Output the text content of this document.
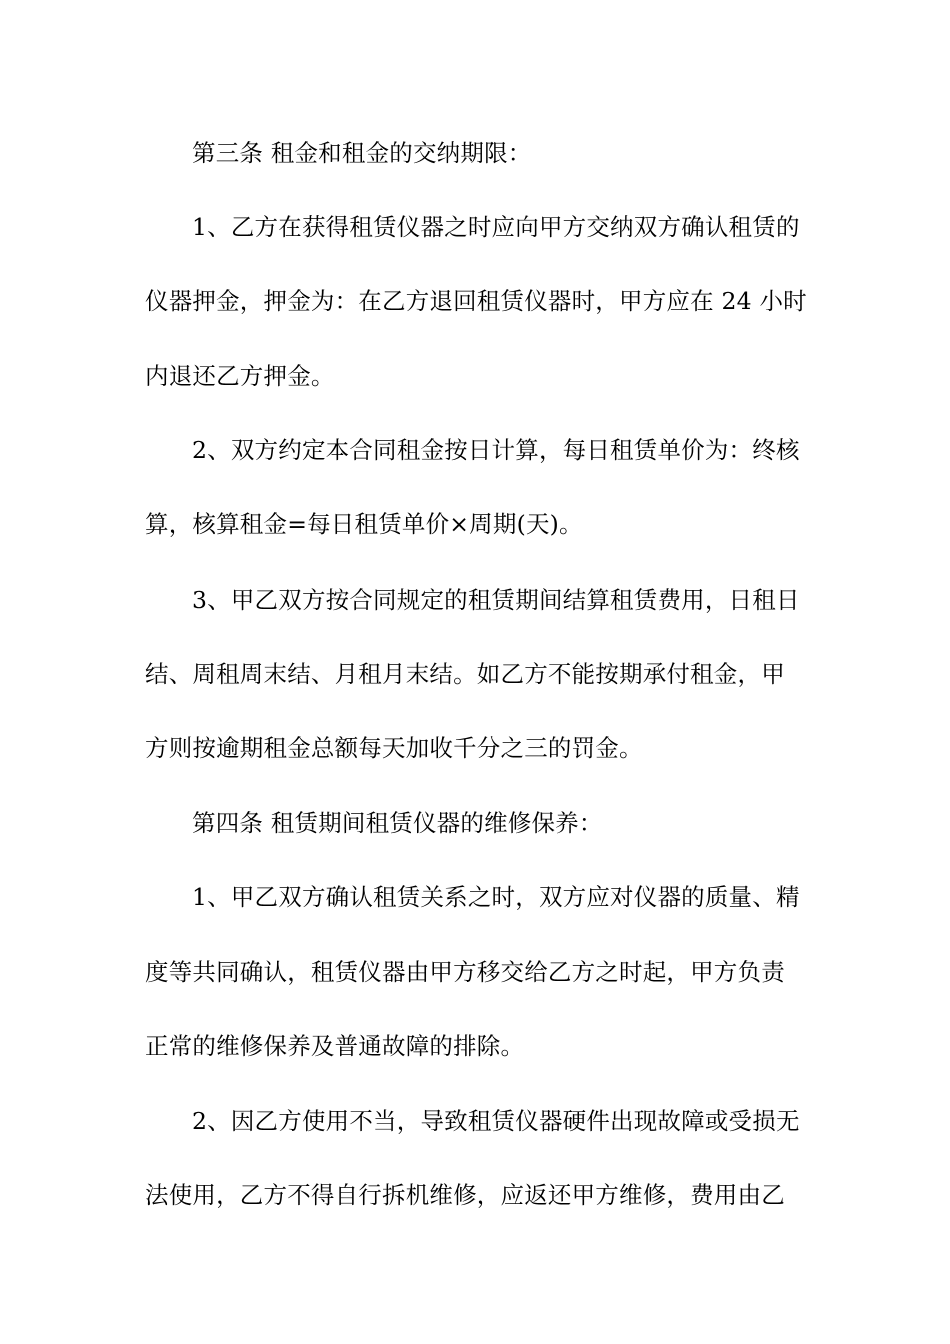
第三条 租金和租金的交纳期限：
1、乙方在获得租赁仪器之时应向甲方交纳双方确认租赁的
仪器押金，押金为：在乙方退回租赁仪器时，甲方应在 24 小时
内退还乙方押金。
2、双方约定本合同租金按日计算，每日租赁单价为：终核
算，核算租金=每日租赁单价×周期(天)。
3、甲乙双方按合同规定的租赁期间结算租赁费用，日租日
结、周租周末结、月租月末结。如乙方不能按期承付租金，甲
方则按逾期租金总额每天加收千分之三的罚金。
第四条 租赁期间租赁仪器的维修保养：
1、甲乙双方确认租赁关系之时，双方应对仪器的质量、精
度等共同确认，租赁仪器由甲方移交给乙方之时起，甲方负责
正常的维修保养及普通故障的排除。
2、因乙方使用不当，导致租赁仪器硬件出现故障或受损无
法使用，乙方不得自行拆机维修，应返还甲方维修，费用由乙
